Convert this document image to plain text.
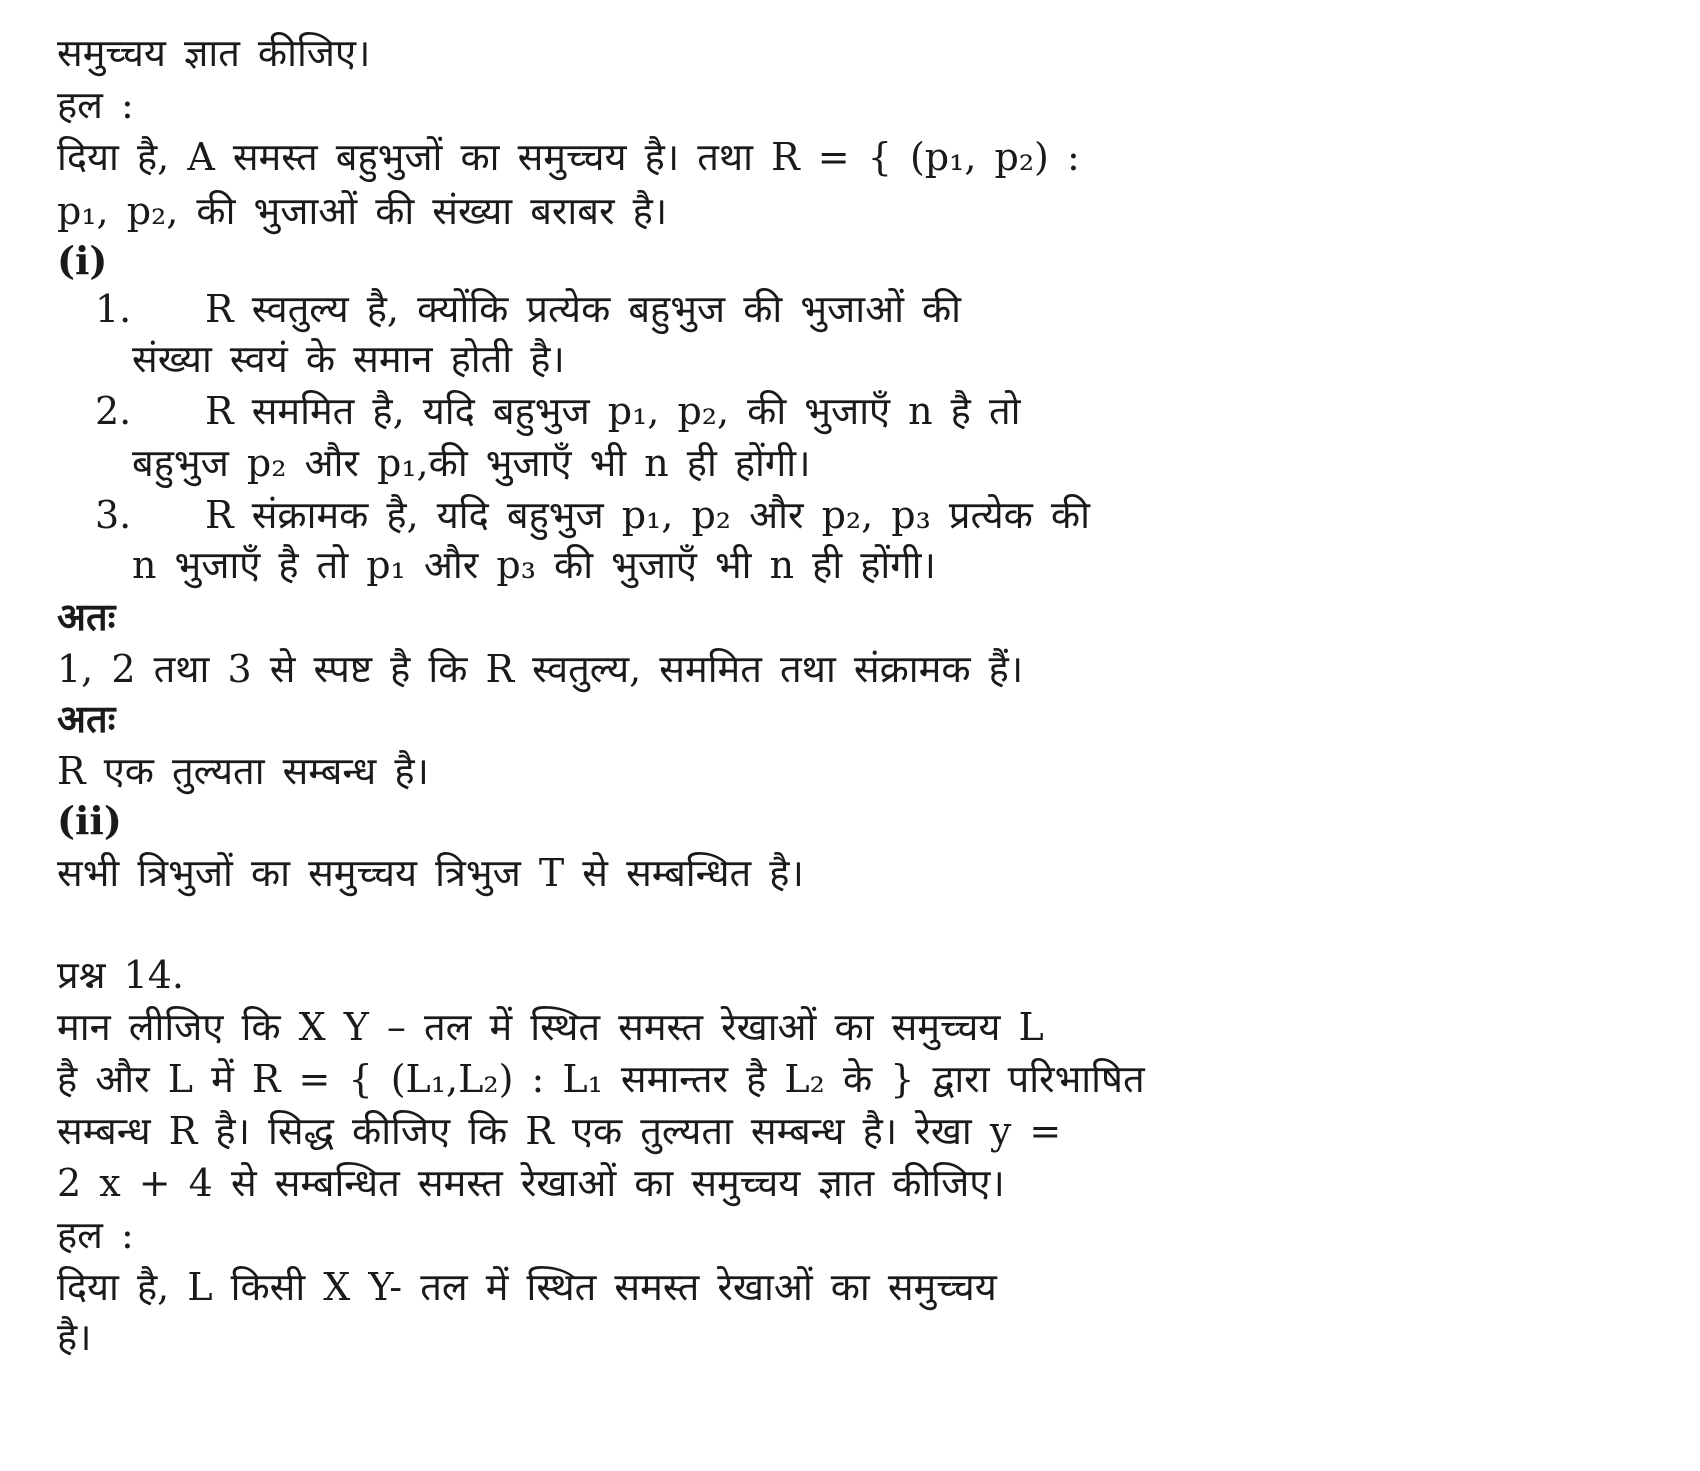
समुच्चय ज्ञात कीजिए।
हल :
दिया है, A समस्त बहुभुजों का समुच्चय है। तथा R = { (p₁, p₂) :
p₁, p₂, की भुजाओं की संख्या बराबर है।
(i)
1. R स्वतुल्य है, क्योंकि प्रत्येक बहुभुज की भुजाओं की
संख्या स्वयं के समान होती है।
2. R सममित है, यदि बहुभुज p₁, p₂, की भुजाएँ n है तो
बहुभुज p₂ और p₁,की भुजाएँ भी n ही होंगी।
3. R संक्रामक है, यदि बहुभुज p₁, p₂ और p₂, p₃ प्रत्येक की
n भुजाएँ है तो p₁ और p₃ की भुजाएँ भी n ही होंगी।
अतः
1, 2 तथा 3 से स्पष्ट है कि R स्वतुल्य, सममित तथा संक्रामक हैं।
अतः
R एक तुल्यता सम्बन्ध है।
(ii)
सभी त्रिभुजों का समुच्चय त्रिभुज T से सम्बन्धित है।
प्रश्न 14.
मान लीजिए कि X Y – तल में स्थित समस्त रेखाओं का समुच्चय L
है और L में R = { (L₁,L₂) : L₁ समान्तर है L₂ के } द्वारा परिभाषित
सम्बन्ध R है। सिद्ध कीजिए कि R एक तुल्यता सम्बन्ध है। रेखा y =
2 x + 4 से सम्बन्धित समस्त रेखाओं का समुच्चय ज्ञात कीजिए।
हल :
दिया है, L किसी X Y- तल में स्थित समस्त रेखाओं का समुच्चय
है।
